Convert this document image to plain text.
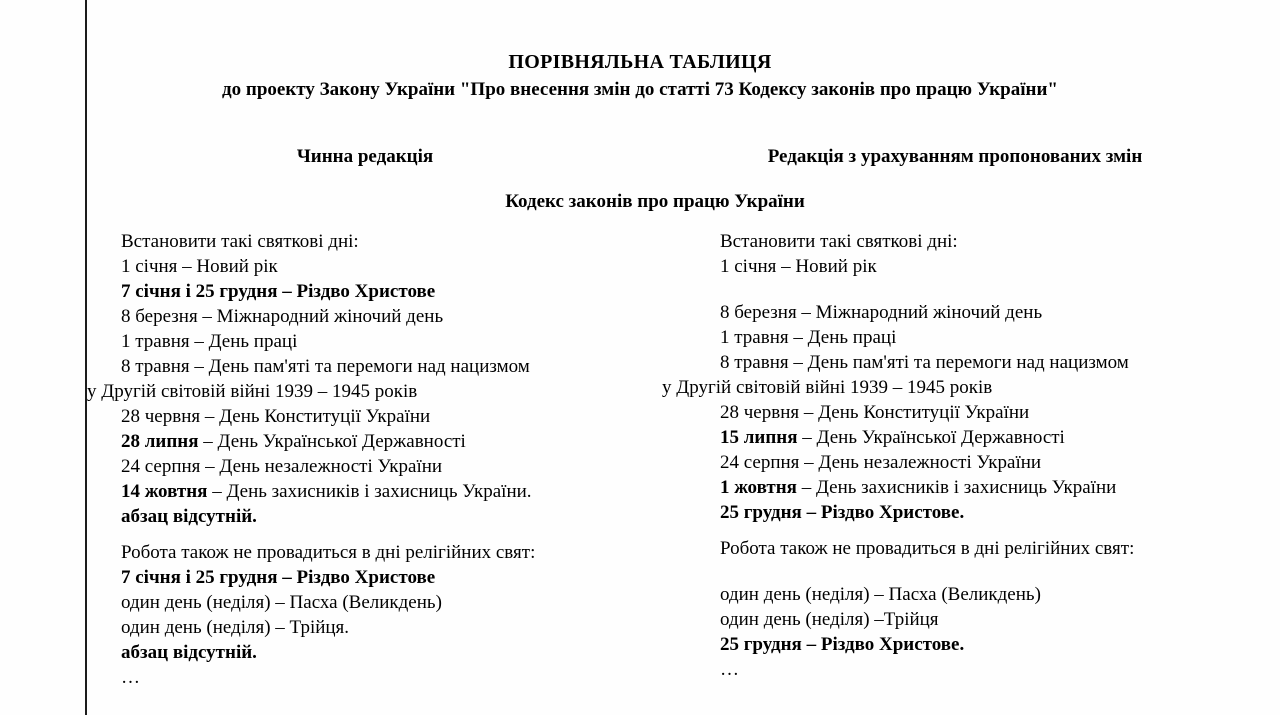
ПОРІВНЯЛЬНА ТАБЛИЦЯ
до проекту Закону України "Про внесення змін до статті 73 Кодексу законів про працю України"
Чинна редакція	Редакція з урахуванням пропонованих змін
Кодекс законів про працю України
Встановити такі святкові дні:
1 січня – Новий рік
7 січня і 25 грудня – Різдво Христове
8 березня – Міжнародний жіночий день
1 травня – День праці
8 травня – День пам'яті та перемоги над нацизмом
у Другій світовій війні 1939 – 1945 років
28 червня – День Конституції України
28 липня – День Української Державності
24 серпня – День незалежності України
14 жовтня – День захисників і захисниць України.
абзац відсутній.
Робота також не провадиться в дні релігійних свят:
7 січня і 25 грудня – Різдво Христове
один день (неділя) – Пасха (Великдень)
один день (неділя) – Трійця.
абзац відсутній.
…
Встановити такі святкові дні:
1 січня – Новий рік

8 березня – Міжнародний жіночий день
1 травня – День праці
8 травня – День пам'яті та перемоги над нацизмом
у Другій світовій війні 1939 – 1945 років
28 червня – День Конституції України
15 липня – День Української Державності
24 серпня – День незалежності України
1 жовтня – День захисників і захисниць України
25 грудня – Різдво Христове.
Робота також не провадиться в дні релігійних свят:

один день (неділя) – Пасха (Великдень)
один день (неділя) –Трійця
25 грудня – Різдво Христове.
…
